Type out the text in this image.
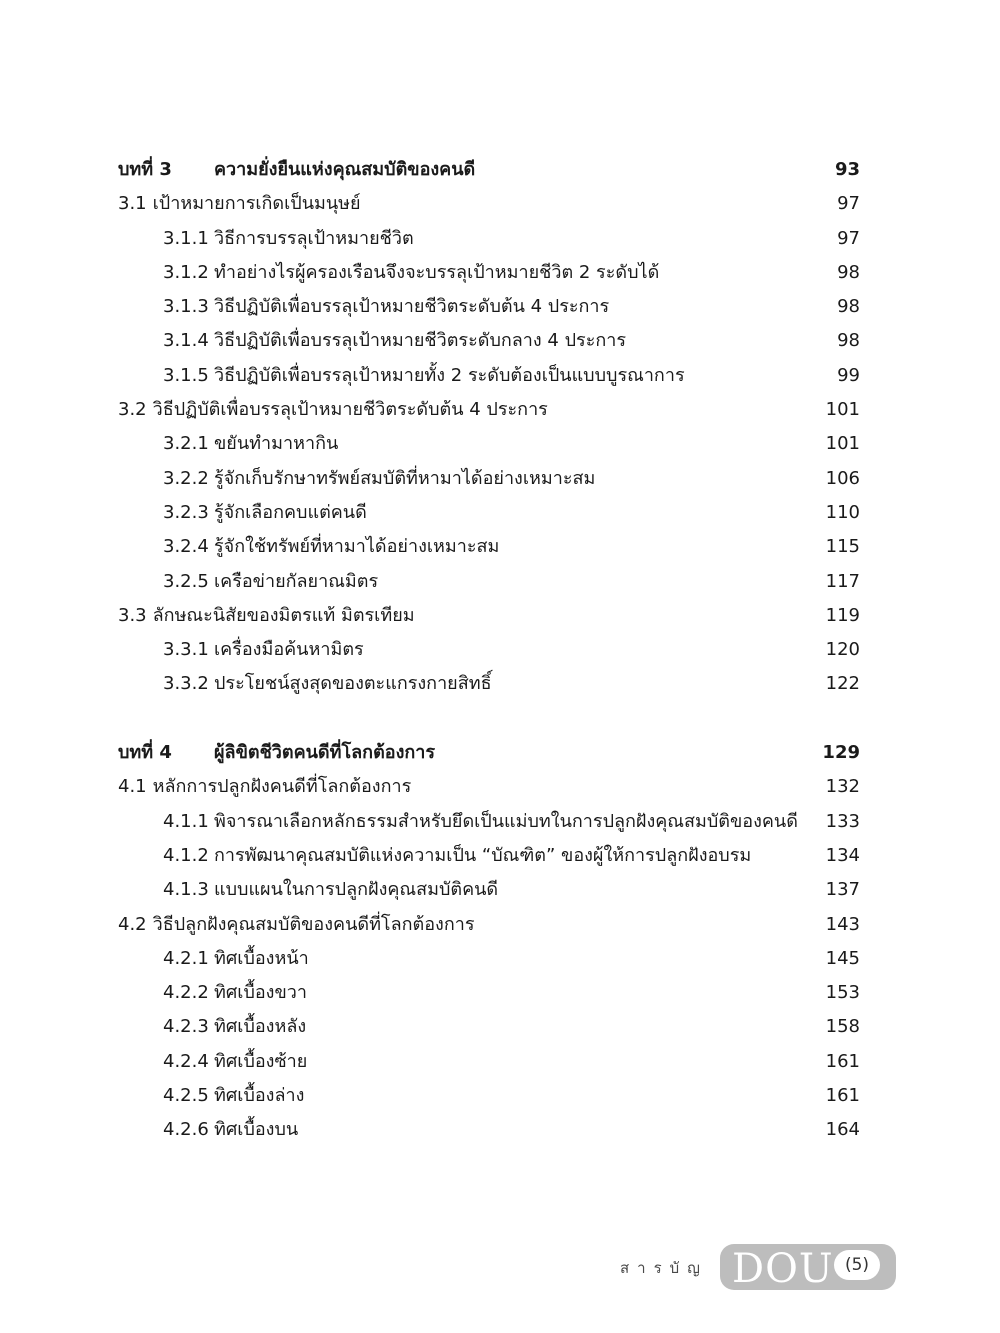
บทที่ 3 ความยั่งยืนแห่งคุณสมบัติของคนดี	93
3.1 เป้าหมายการเกิดเป็นมนุษย์	97
3.1.1 วิธีการบรรลุเป้าหมายชีวิต	97
3.1.2 ทำอย่างไรผู้ครองเรือนจึงจะบรรลุเป้าหมายชีวิต 2 ระดับได้	98
3.1.3 วิธีปฏิบัติเพื่อบรรลุเป้าหมายชีวิตระดับต้น 4 ประการ	98
3.1.4 วิธีปฏิบัติเพื่อบรรลุเป้าหมายชีวิตระดับกลาง 4 ประการ	98
3.1.5 วิธีปฏิบัติเพื่อบรรลุเป้าหมายทั้ง 2 ระดับต้องเป็นแบบบูรณาการ	99
3.2 วิธีปฏิบัติเพื่อบรรลุเป้าหมายชีวิตระดับต้น 4 ประการ	101
3.2.1 ขยันทำมาหากิน	101
3.2.2 รู้จักเก็บรักษาทรัพย์สมบัติที่หามาได้อย่างเหมาะสม	106
3.2.3 รู้จักเลือกคบแต่คนดี	110
3.2.4 รู้จักใช้ทรัพย์ที่หามาได้อย่างเหมาะสม	115
3.2.5 เครือข่ายกัลยาณมิตร	117
3.3 ลักษณะนิสัยของมิตรแท้ มิตรเทียม	119
3.3.1 เครื่องมือค้นหามิตร	120
3.3.2 ประโยชน์สูงสุดของตะแกรงกายสิทธิ์	122
บทที่ 4 ผู้ลิขิตชีวิตคนดีที่โลกต้องการ	129
4.1 หลักการปลูกฝังคนดีที่โลกต้องการ	132
4.1.1 พิจารณาเลือกหลักธรรมสำหรับยึดเป็นแม่บทในการปลูกฝังคุณสมบัติของคนดี 133
4.1.2 การพัฒนาคุณสมบัติแห่งความเป็น “บัณฑิต” ของผู้ให้การปลูกฝังอบรม	134
4.1.3 แบบแผนในการปลูกฝังคุณสมบัติคนดี	137
4.2 วิธีปลูกฝังคุณสมบัติของคนดีที่โลกต้องการ	143
4.2.1 ทิศเบื้องหน้า	145
4.2.2 ทิศเบื้องขวา	153
4.2.3 ทิศเบื้องหลัง	158
4.2.4 ทิศเบื้องซ้าย	161
4.2.5 ทิศเบื้องล่าง	161
4.2.6 ทิศเบื้องบน	164
สารบัญ DOU (5)
